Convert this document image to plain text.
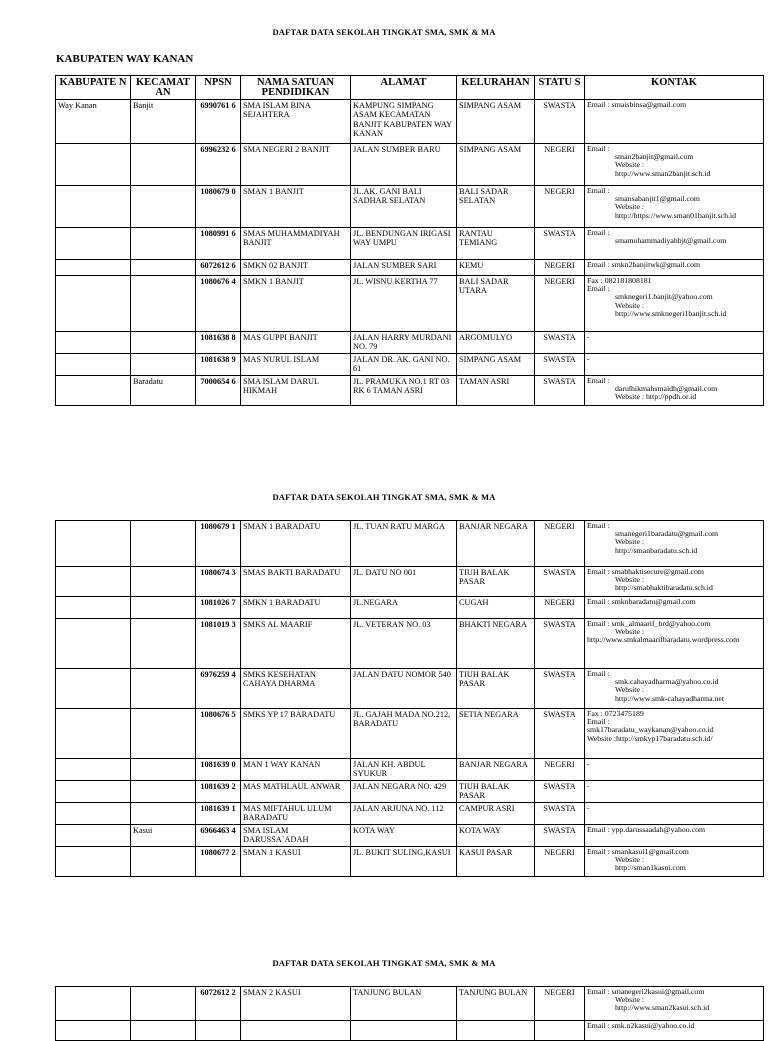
DAFTAR DATA SEKOLAH TINGKAT SMA, SMK & MA
KABUPATEN WAY KANAN
KABUPATE N	KECAMAT AN	NPSN	NAMA SATUAN PENDIDIKAN	ALAMAT	KELURAHAN	STATU S	KONTAK
Way Kanan	Banjit	6990761 6	SMA ISLAM BINA SEJAHTERA	KAMPUNG SIMPANG ASAM KECAMATAN BANJIT KABUPATEN WAY KANAN	SIMPANG ASAM	SWASTA	Email : smaisbinsa@gmail.com

		6996232 6	SMA NEGERI 2 BANJIT	JALAN SUMBER BARU	SIMPANG ASAM	NEGERI	Email :
sman2banjit@gmail.com
Website :
http://www.sman2banjit.sch.id

		1080679 0	SMAN 1 BANJIT	JL.AK. GANI BALI SADHAR SELATAN	BALI SADAR SELATAN	NEGERI	Email :
smansabanjit1@gmail.com
Website :
http://https://www.sman01banjit.sch.id

		1080991 6	SMAS MUHAMMADIYAH BANJIT	JL. BENDUNGAN IRIGASI WAY UMPU	RANTAU TEMIANG	SWASTA	Email :
smamuhammadiyahbjt@gmail.com

		6072612 6	SMKN 02 BANJIT	JALAN SUMBER SARI	KEMU	NEGERI	Email : smkn2banjitwk@gmail.com

		1080676 4	SMKN 1 BANJIT	JL. WISNU KERTHA 77	BALI SADAR UTARA	NEGERI	Fax : 082181808181
Email :
smknegeri1.banjit@yahoo.com
Website :
http://www.smknegeri1banjit.sch.id

		1081638 8	MAS GUPPI BANJIT	JALAN HARRY MURDANI NO. 79	ARGOMULYO	SWASTA	-

		1081638 9	MAS NURUL ISLAM	JALAN DR. AK. GANI NO. 61	SIMPANG ASAM	SWASTA	-

	Baradatu	7000654 6	SMA ISLAM DARUL HIKMAH	JL. PRAMUKA NO.1 RT 03 RK 6 TAMAN ASRI	TAMAN ASRI	SWASTA	Email :
darulhikmahsmaidh@gmail.com
Website : http://ppdh.or.id
DAFTAR DATA SEKOLAH TINGKAT SMA, SMK & MA
		1080679 1	SMAN 1 BARADATU	JL. TUAN RATU MARGA	BANJAR NEGARA	NEGERI	Email :
smanegeri1baradatu@gmail.com
Website :
http://smanbaradatu.sch.id

		1080674 3	SMAS BAKTI BARADATU	JL. DATU NO 001	TIUH BALAK PASAR	SWASTA	Email : smabhaktisecure@gmail.com
Website :
http://smabhaktibaradatu.sch.id

		1081026 7	SMKN 1 BARADATU	JL.NEGARA	CUGAH	NEGERI	Email : smknbaradatu@gmail.com

		1081019 3	SMKS AL MAARIF	JL. VETERAN NO. 03	BHAKTI NEGARA	SWASTA	Email : smk_almaarif_brd@yahoo.com
Website :
http://www.smkalmaarifbaradatu.wordpress.com

		6976259 4	SMKS KESEHATAN CAHAYA DHARMA	JALAN DATU NOMOR 540	TIUH BALAK PASAR	SWASTA	Email :
smk.cahayadharma@yahoo.co.id
Website :
http://www.smk-cahayadharma.net

		1080676 5	SMKS YP 17 BARADATU	JL. GAJAH MADA NO.212, BARADATU	SETIA NEGARA	SWASTA	Fax : 0723475189
Email :
smk17baradatu_waykanan@yahoo.co.id
Website :http://smkyp17baradatu.sch.id/

		1081639 0	MAN 1 WAY KANAN	JALAN KH. ABDUL SYUKUR	BANJAR NEGARA	NEGERI	-

		1081639 2	MAS MATHLAUL ANWAR	JALAN NEGARA NO. 429	TIUH BALAK PASAR	SWASTA	-

		1081639 1	MAS MIFTAHUL ULUM BARADATU	JALAN ARJUNA NO. 112	CAMPUR ASRI	SWASTA	-

	Kasui	6966463 4	SMA ISLAM DARUSSA`ADAH	KOTA WAY	KOTA WAY	SWASTA	Email : ypp.darussaadah@yahoo.com

		1080677 2	SMAN 1 KASUI	JL. BUKIT SULING,KASUI	KASUI PASAR	NEGERI	Email : smankasui1@gmail.com
Website :
http://sman1kasui.com
DAFTAR DATA SEKOLAH TINGKAT SMA, SMK & MA
		6072612 2	SMAN 2 KASUI	TANJUNG BULAN	TANJUNG BULAN	NEGERI	Email : smanegeri2kasui@gmail.com
Website :
http://www.sman2kasui.sch.id

							Email : smk.n2kasui@yahoo.co.id
